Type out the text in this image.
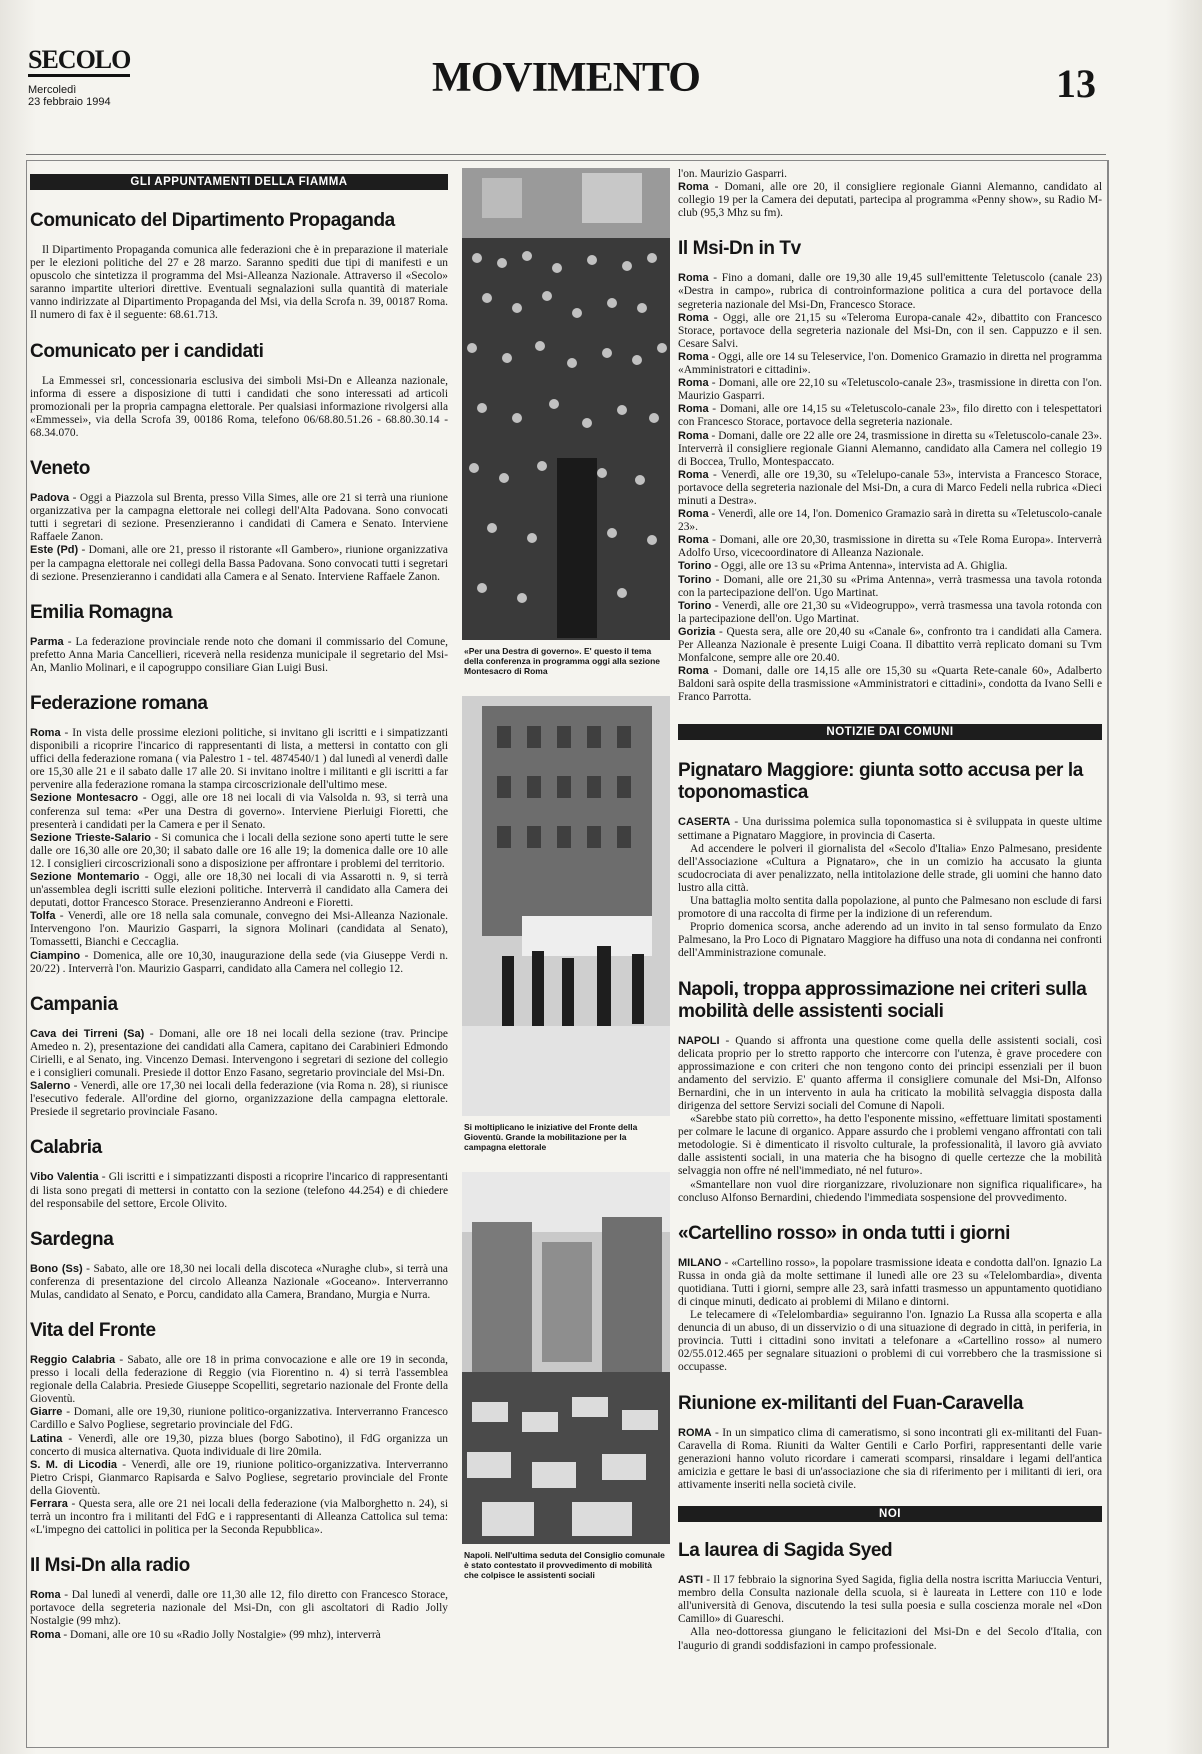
SECOLO
Mercoledì
23 febbraio 1994
MOVIMENTO	13
GLI APPUNTAMENTI DELLA FIAMMA
Comunicato del Dipartimento Propaganda

Il Dipartimento Propaganda comunica alle federazioni che è in preparazione il materiale per le elezioni politiche del 27 e 28 marzo. Saranno spediti due tipi di manifesti e un opuscolo che sintetizza il programma del Msi-Alleanza Nazionale. Attraverso il «Secolo» saranno impartite ulteriori direttive. Eventuali segnalazioni sulla quantità di materiale vanno indirizzate al Dipartimento Propaganda del Msi, via della Scrofa n. 39, 00187 Roma. Il numero di fax è il seguente: 68.61.713.

Comunicato per i candidati

La Emmessei srl, concessionaria esclusiva dei simboli Msi-Dn e Alleanza nazionale, informa di essere a disposizione di tutti i candidati che sono interessati ad articoli promozionali per la propria campagna elettorale. Per qualsiasi informazione rivolgersi alla «Emmessei», via della Scrofa 39, 00186 Roma, telefono 06/68.80.51.26 - 68.80.30.14 - 68.34.070.

Veneto

Padova - Oggi a Piazzola sul Brenta, presso Villa Simes, alle ore 21 si terrà una riunione organizzativa per la campagna elettorale nei collegi dell'Alta Padovana. Sono convocati tutti i segretari di sezione. Presenzieranno i candidati di Camera e Senato. Interviene Raffaele Zanon.

Este (Pd) - Domani, alle ore 21, presso il ristorante «Il Gambero», riunione organizzativa per la campagna elettorale nei collegi della Bassa Padovana. Sono convocati tutti i segretari di sezione. Presenzieranno i candidati alla Camera e al Senato. Interviene Raffaele Zanon.

Emilia Romagna

Parma - La federazione provinciale rende noto che domani il commissario del Comune, prefetto Anna Maria Cancellieri, riceverà nella residenza municipale il segretario del Msi-An, Manlio Molinari, e il capogruppo consiliare Gian Luigi Busi.

Federazione romana

Roma - In vista delle prossime elezioni politiche, si invitano gli iscritti e i simpatizzanti disponibili a ricoprire l'incarico di rappresentanti di lista, a mettersi in contatto con gli uffici della federazione romana ( via Palestro 1 - tel. 4874540/1 ) dal lunedì al venerdì dalle ore 15,30 alle 21 e il sabato dalle 17 alle 20. Si invitano inoltre i militanti e gli iscritti a far pervenire alla federazione romana la stampa circoscrizionale dell'ultimo mese.

Sezione Montesacro - Oggi, alle ore 18 nei locali di via Valsolda n. 93, si terrà una conferenza sul tema: «Per una Destra di governo». Interviene Pierluigi Fioretti, che presenterà i candidati per la Camera e per il Senato.

Sezione Trieste-Salario - Si comunica che i locali della sezione sono aperti tutte le sere dalle ore 16,30 alle ore 20,30; il sabato dalle ore 16 alle 19; la domenica dalle ore 10 alle 12. I consiglieri circoscrizionali sono a disposizione per affrontare i problemi del territorio.

Sezione Montemario - Oggi, alle ore 18,30 nei locali di via Assarotti n. 9, si terrà un'assemblea degli iscritti sulle elezioni politiche. Interverrà il candidato alla Camera dei deputati, dottor Francesco Storace. Presenzieranno Andreoni e Fioretti.

Tolfa - Venerdì, alle ore 18 nella sala comunale, convegno dei Msi-Alleanza Nazionale. Intervengono l'on. Maurizio Gasparri, la signora Molinari (candidata al Senato), Tomassetti, Bianchi e Ceccaglia.

Ciampino - Domenica, alle ore 10,30, inaugurazione della sede (via Giuseppe Verdi n. 20/22) . Interverrà l'on. Maurizio Gasparri, candidato alla Camera nel collegio 12.

Campania

Cava dei Tirreni (Sa) - Domani, alle ore 18 nei locali della sezione (trav. Principe Amedeo n. 2), presentazione dei candidati alla Camera, capitano dei Carabinieri Edmondo Cirielli, e al Senato, ing. Vincenzo Demasi. Intervengono i segretari di sezione del collegio e i consiglieri comunali. Presiede il dottor Enzo Fasano, segretario provinciale del Msi-Dn.

Salerno - Venerdì, alle ore 17,30 nei locali della federazione (via Roma n. 28), si riunisce l'esecutivo federale. All'ordine del giorno, organizzazione della campagna elettorale. Presiede il segretario provinciale Fasano.

Calabria

Vibo Valentia - Gli iscritti e i simpatizzanti disposti a ricoprire l'incarico di rappresentanti di lista sono pregati di mettersi in contatto con la sezione (telefono 44.254) e di chiedere del responsabile del settore, Ercole Olivito.

Sardegna

Bono (Ss) - Sabato, alle ore 18,30 nei locali della discoteca «Nuraghe club», si terrà una conferenza di presentazione del circolo Alleanza Nazionale «Goceano». Interverranno Mulas, candidato al Senato, e Porcu, candidato alla Camera, Brandano, Murgia e Nurra.

Vita del Fronte

Reggio Calabria - Sabato, alle ore 18 in prima convocazione e alle ore 19 in seconda, presso i locali della federazione di Reggio (via Fiorentino n. 4) si terrà l'assemblea regionale della Calabria. Presiede Giuseppe Scopelliti, segretario nazionale del Fronte della Gioventù.

Giarre - Domani, alle ore 19,30, riunione politico-organizzativa. Interverranno Francesco Cardillo e Salvo Pogliese, segretario provinciale del FdG.

Latina - Venerdì, alle ore 19,30, pizza blues (borgo Sabotino), il FdG organizza un concerto di musica alternativa. Quota individuale di lire 20mila.

S. M. di Licodia - Venerdì, alle ore 19, riunione politico-organizzativa. Interverranno Pietro Crispi, Gianmarco Rapisarda e Salvo Pogliese, segretario provinciale del Fronte della Gioventù.

Ferrara - Questa sera, alle ore 21 nei locali della federazione (via Malborghetto n. 24), si terrà un incontro fra i militanti del FdG e i rappresentanti di Alleanza Cattolica sul tema: «L'impegno dei cattolici in politica per la Seconda Repubblica».

Il Msi-Dn alla radio

Roma - Dal lunedì al venerdì, dalle ore 11,30 alle 12, filo diretto con Francesco Storace, portavoce della segreteria nazionale del Msi-Dn, con gli ascoltatori di Radio Jolly Nostalgie (99 mhz).

Roma - Domani, alle ore 10 su «Radio Jolly Nostalgie» (99 mhz), interverrà

«Per una Destra di governo». E' questo il tema della conferenza in programma oggi alla sezione Montesacro di Roma
Si moltiplicano le iniziative del Fronte della Gioventù. Grande la mobilitazione per la campagna elettorale
Napoli. Nell'ultima seduta del Consiglio comunale è stato contestato il provvedimento di mobilità che colpisce le assistenti sociali

l'on. Maurizio Gasparri.

Roma - Domani, alle ore 20, il consigliere regionale Gianni Alemanno, candidato al collegio 19 per la Camera dei deputati, partecipa al programma «Penny show», su Radio M-club (95,3 Mhz su fm).

Il Msi-Dn in Tv

Roma - Fino a domani, dalle ore 19,30 alle 19,45 sull'emittente Teletuscolo (canale 23) «Destra in campo», rubrica di controinformazione politica a cura del portavoce della segreteria nazionale del Msi-Dn, Francesco Storace.

Roma - Oggi, alle ore 21,15 su «Teleroma Europa-canale 42», dibattito con Francesco Storace, portavoce della segreteria nazionale del Msi-Dn, con il sen. Cappuzzo e il sen. Cesare Salvi.

Roma - Oggi, alle ore 14 su Teleservice, l'on. Domenico Gramazio in diretta nel programma «Amministratori e cittadini».

Roma - Domani, alle ore 22,10 su «Teletuscolo-canale 23», trasmissione in diretta con l'on. Maurizio Gasparri.

Roma - Domani, alle ore 14,15 su «Teletuscolo-canale 23», filo diretto con i telespettatori con Francesco Storace, portavoce della segreteria nazionale.

Roma - Domani, dalle ore 22 alle ore 24, trasmissione in diretta su «Teletuscolo-canale 23». Interverrà il consigliere regionale Gianni Alemanno, candidato alla Camera nel collegio 19 di Boccea, Trullo, Montespaccato.

Roma - Venerdì, alle ore 19,30, su «Telelupo-canale 53», intervista a Francesco Storace, portavoce della segreteria nazionale del Msi-Dn, a cura di Marco Fedeli nella rubrica «Dieci minuti a Destra».

Roma - Venerdì, alle ore 14, l'on. Domenico Gramazio sarà in diretta su «Teletuscolo-canale 23».

Roma - Domani, alle ore 20,30, trasmissione in diretta su «Tele Roma Europa». Interverrà Adolfo Urso, vicecoordinatore di Alleanza Nazionale.

Torino - Oggi, alle ore 13 su «Prima Antenna», intervista ad A. Ghiglia.

Torino - Domani, alle ore 21,30 su «Prima Antenna», verrà trasmessa una tavola rotonda con la partecipazione dell'on. Ugo Martinat.

Torino - Venerdì, alle ore 21,30 su «Videogruppo», verrà trasmessa una tavola rotonda con la partecipazione dell'on. Ugo Martinat.

Gorizia - Questa sera, alle ore 20,40 su «Canale 6», confronto tra i candidati alla Camera. Per Alleanza Nazionale è presente Luigi Coana. Il dibattito verrà replicato domani su Tvm Monfalcone, sempre alle ore 20.40.

Roma - Domani, dalle ore 14,15 alle ore 15,30 su «Quarta Rete-canale 60», Adalberto Baldoni sarà ospite della trasmissione «Amministratori e cittadini», condotta da Ivano Selli e Franco Parrotta.

NOTIZIE DAI COMUNI
Pignataro Maggiore: giunta sotto accusa per la toponomastica

CASERTA - Una durissima polemica sulla toponomastica si è sviluppata in queste ultime settimane a Pignataro Maggiore, in provincia di Caserta.

Ad accendere le polveri il giornalista del «Secolo d'Italia» Enzo Palmesano, presidente dell'Associazione «Cultura a Pignataro», che in un comizio ha accusato la giunta scudocrociata di aver penalizzato, nella intitolazione delle strade, gli uomini che hanno dato lustro alla città.

Una battaglia molto sentita dalla popolazione, al punto che Palmesano non esclude di farsi promotore di una raccolta di firme per la indizione di un referendum.

Proprio domenica scorsa, anche aderendo ad un invito in tal senso formulato da Enzo Palmesano, la Pro Loco di Pignataro Maggiore ha diffuso una nota di condanna nei confronti dell'Amministrazione comunale.

Napoli, troppa approssimazione nei criteri sulla mobilità delle assistenti sociali

NAPOLI - Quando si affronta una questione come quella delle assistenti sociali, così delicata proprio per lo stretto rapporto che intercorre con l'utenza, è grave procedere con approssimazione e con criteri che non tengono conto dei principi essenziali per il buon andamento del servizio. E' quanto afferma il consigliere comunale del Msi-Dn, Alfonso Bernardini, che in un intervento in aula ha criticato la mobilità selvaggia disposta dalla dirigenza del settore Servizi sociali del Comune di Napoli.

«Sarebbe stato più corretto», ha detto l'esponente missino, «effettuare limitati spostamenti per colmare le lacune di organico. Appare assurdo che i problemi vengano affrontati con tali metodologie. Si è dimenticato il risvolto culturale, la professionalità, il lavoro già avviato dalle assistenti sociali, in una materia che ha bisogno di quelle certezze che la mobilità selvaggia non offre né nell'immediato, né nel futuro».

«Smantellare non vuol dire riorganizzare, rivoluzionare non significa riqualificare», ha concluso Alfonso Bernardini, chiedendo l'immediata sospensione del provvedimento.

«Cartellino rosso» in onda tutti i giorni

MILANO - «Cartellino rosso», la popolare trasmissione ideata e condotta dall'on. Ignazio La Russa in onda già da molte settimane il lunedì alle ore 23 su «Telelombardia», diventa quotidiana. Tutti i giorni, sempre alle 23, sarà infatti trasmesso un appuntamento quotidiano di cinque minuti, dedicato ai problemi di Milano e dintorni.

Le telecamere di «Telelombardia» seguiranno l'on. Ignazio La Russa alla scoperta e alla denuncia di un abuso, di un disservizio o di una situazione di degrado in città, in periferia, in provincia. Tutti i cittadini sono invitati a telefonare a «Cartellino rosso» al numero 02/55.012.465 per segnalare situazioni o problemi di cui vorrebbero che la trasmissione si occupasse.

Riunione ex-militanti del Fuan-Caravella

ROMA - In un simpatico clima di cameratismo, si sono incontrati gli ex-militanti del Fuan-Caravella di Roma. Riuniti da Walter Gentili e Carlo Porfiri, rappresentanti delle varie generazioni hanno voluto ricordare i camerati scomparsi, rinsaldare i legami dell'antica amicizia e gettare le basi di un'associazione che sia di riferimento per i militanti di ieri, ora attivamente inseriti nella società civile.

NOI
La laurea di Sagida Syed

ASTI - Il 17 febbraio la signorina Syed Sagida, figlia della nostra iscritta Mariuccia Venturi, membro della Consulta nazionale della scuola, si è laureata in Lettere con 110 e lode all'università di Genova, discutendo la tesi sulla poesia e sulla coscienza morale nel «Don Camillo» di Guareschi.

Alla neo-dottoressa giungano le felicitazioni del Msi-Dn e del Secolo d'Italia, con l'augurio di grandi soddisfazioni in campo professionale.
